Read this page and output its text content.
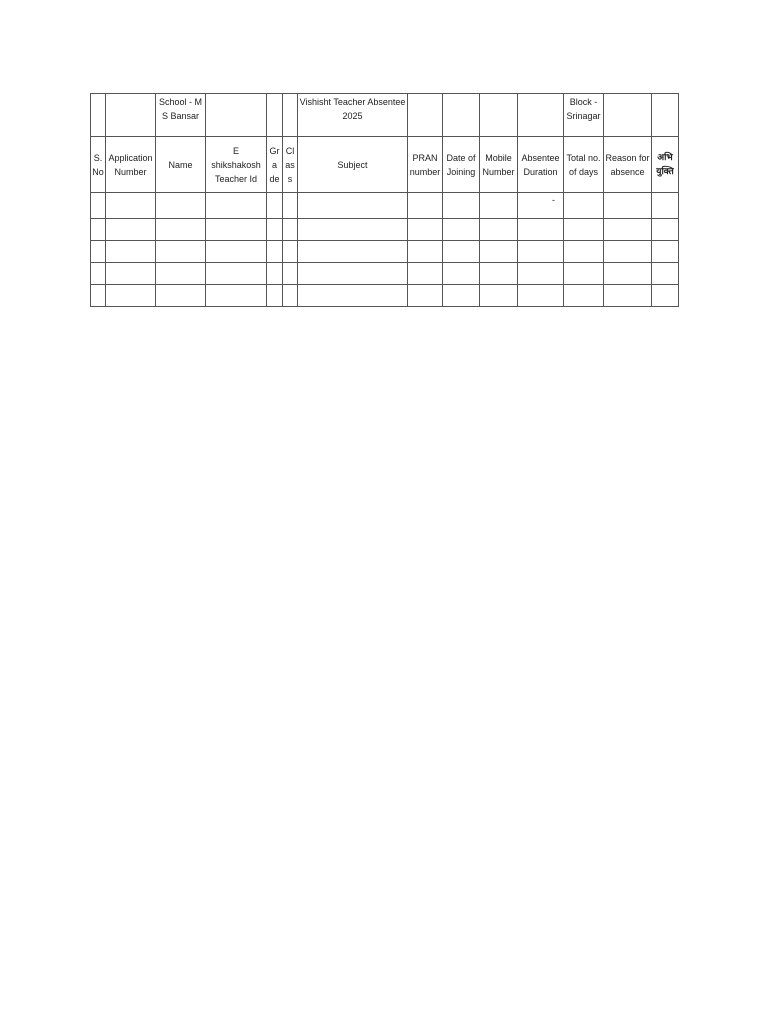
		School - M S Bansar				Vishisht Teacher Absentee 2025					Block - Srinagar		
S. No	Application Number	Name	E shikshakosh Teacher Id	Gra de	Cl as s	Subject	PRAN number	Date of Joining	Mobile Number	Absentee Duration	Total no. of days	Reason for absence	अभि युक्ति
										-			
